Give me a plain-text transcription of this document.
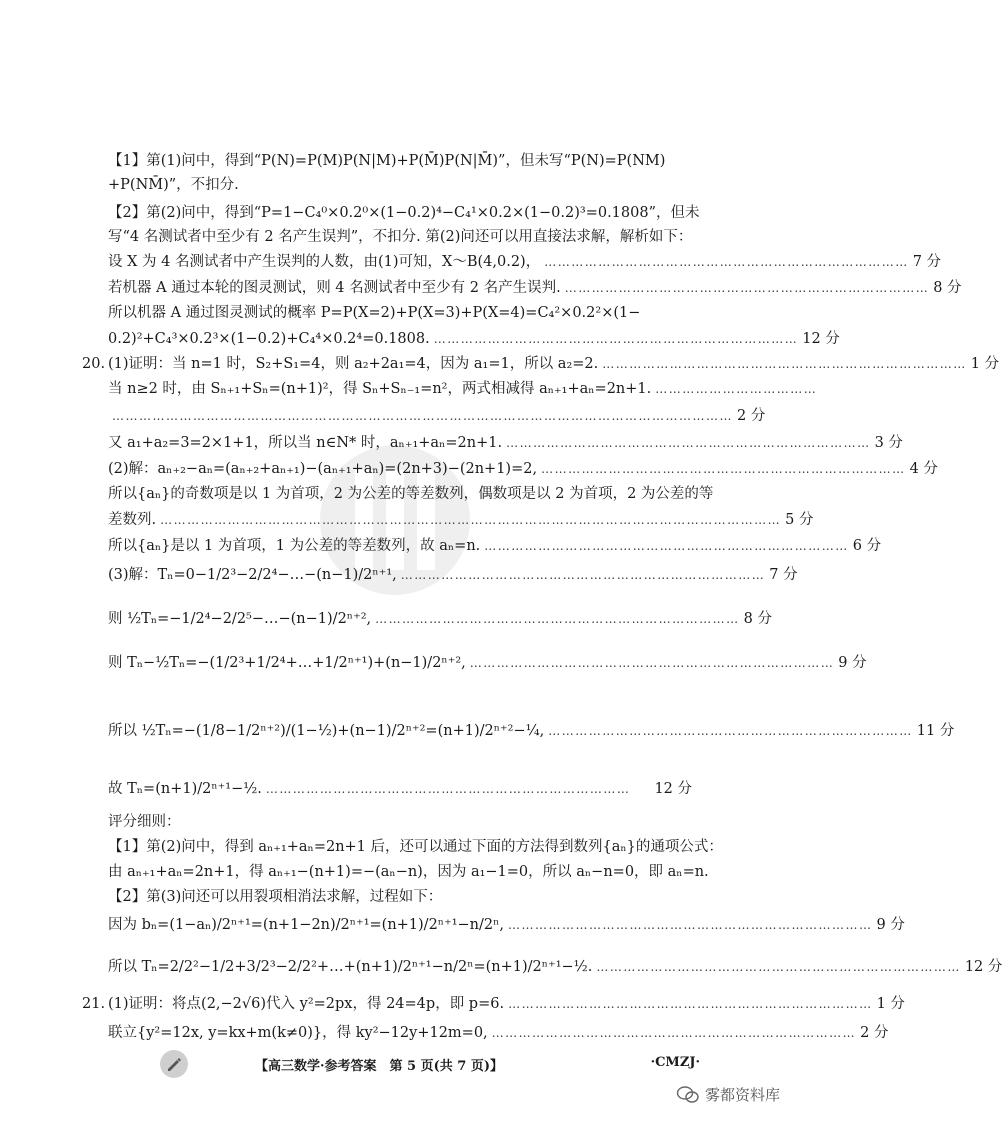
20.
21.
【1】第(1)问中，得到“P(N)=P(M)P(N|M)+P(M̄)P(N|M̄)”，但未写“P(N)=P(NM)
+P(NM̄)”，不扣分.
【2】第(2)问中，得到“P=1−C₄⁰×0.2⁰×(1−0.2)⁴−C₄¹×0.2×(1−0.2)³=0.1808”，但未
写“4 名测试者中至少有 2 名产生误判”，不扣分. 第(2)问还可以用直接法求解，解析如下：
设 X 为 4 名测试者中产生误判的人数，由(1)可知，X～B(4,0.2)， ……………………………………………………………………… 7 分
若机器 A 通过本轮的图灵测试，则 4 名测试者中至少有 2 名产生误判. ……………………………………………………………………… 8 分
所以机器 A 通过图灵测试的概率 P=P(X=2)+P(X=3)+P(X=4)=C₄²×0.2²×(1−
0.2)²+C₄³×0.2³×(1−0.2)+C₄⁴×0.2⁴=0.1808. ……………………………………………………………………… 12 分
(1)证明：当 n=1 时，S₂+S₁=4，则 a₂+2a₁=4，因为 a₁=1，所以 a₂=2. ……………………………………………………………………… 1 分
当 n≥2 时，由 Sₙ₊₁+Sₙ=(n+1)²，得 Sₙ+Sₙ₋₁=n²，两式相减得 aₙ₊₁+aₙ=2n+1. ………………………………
………………………………………………………………………………………………………………………… 2 分
又 a₁+a₂=3=2×1+1，所以当 n∈N* 时，aₙ₊₁+aₙ=2n+1. ……………………………………………………………………… 3 分
(2)解：aₙ₊₂−aₙ=(aₙ₊₂+aₙ₊₁)−(aₙ₊₁+aₙ)=(2n+3)−(2n+1)=2, ……………………………………………………………………… 4 分
所以{aₙ}的奇数项是以 1 为首项，2 为公差的等差数列，偶数项是以 2 为首项，2 为公差的等
差数列. ………………………………………………………………………………………………………………………… 5 分
所以{aₙ}是以 1 为首项，1 为公差的等差数列，故 aₙ=n. ……………………………………………………………………… 6 分
(3)解：Tₙ=0−1/2³−2/2⁴−…−(n−1)/2ⁿ⁺¹, ……………………………………………………………………… 7 分
则 ½Tₙ=−1/2⁴−2/2⁵−…−(n−1)/2ⁿ⁺², ……………………………………………………………………… 8 分
则 Tₙ−½Tₙ=−(1/2³+1/2⁴+…+1/2ⁿ⁺¹)+(n−1)/2ⁿ⁺², ……………………………………………………………………… 9 分
所以 ½Tₙ=−(1/8−1/2ⁿ⁺²)/(1−½)+(n−1)/2ⁿ⁺²=(n+1)/2ⁿ⁺²−¼, ……………………………………………………………………… 11 分
故 Tₙ=(n+1)/2ⁿ⁺¹−½. ………………………………………………………………………	12 分
评分细则：
【1】第(2)问中，得到 aₙ₊₁+aₙ=2n+1 后，还可以通过下面的方法得到数列{aₙ}的通项公式：
由 aₙ₊₁+aₙ=2n+1，得 aₙ₊₁−(n+1)=−(aₙ−n)，因为 a₁−1=0，所以 aₙ−n=0，即 aₙ=n.
【2】第(3)问还可以用裂项相消法求解，过程如下：
因为 bₙ=(1−aₙ)/2ⁿ⁺¹=(n+1−2n)/2ⁿ⁺¹=(n+1)/2ⁿ⁺¹−n/2ⁿ, ……………………………………………………………………… 9 分
所以 Tₙ=2/2²−1/2+3/2³−2/2²+…+(n+1)/2ⁿ⁺¹−n/2ⁿ=(n+1)/2ⁿ⁺¹−½. ……………………………………………………………………… 12 分
(1)证明：将点(2,−2√6)代入 y²=2px，得 24=4p，即 p=6. ……………………………………………………………………… 1 分
联立{y²=12x, y=kx+m(k≠0)}，得 ky²−12y+12m=0, ……………………………………………………………………… 2 分
【高三数学·参考答案　第 5 页(共 7 页)】	·CMZJ·
雾都资料库
